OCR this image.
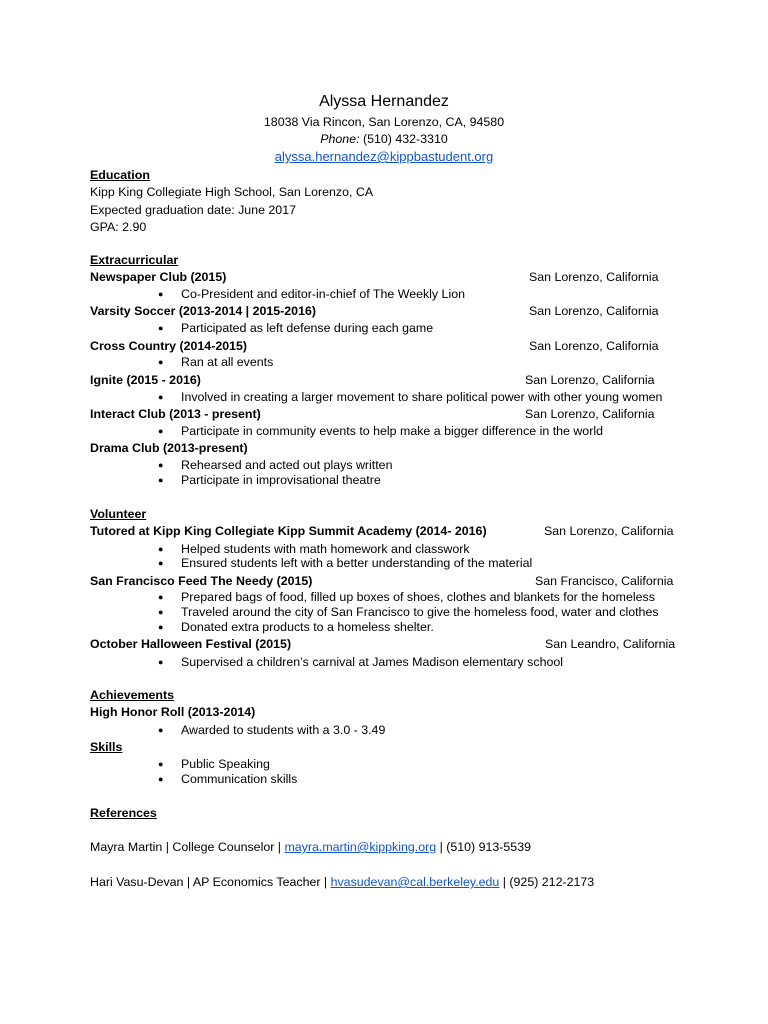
Alyssa Hernandez
18038 Via Rincon, San Lorenzo, CA, 94580
Phone: (510) 432-3310
alyssa.hernandez@kippbastudent.org
Education
Kipp King Collegiate High School, San Lorenzo, CA
Expected graduation date: June 2017
GPA: 2.90
Extracurricular
Newspaper Club (2015)	San Lorenzo, California
● Co-President and editor-in-chief of The Weekly Lion
Varsity Soccer (2013-2014 | 2015-2016)	San Lorenzo, California
● Participated as left defense during each game
Cross Country (2014-2015)	San Lorenzo, California
● Ran at all events
Ignite (2015 - 2016)	San Lorenzo, California
● Involved in creating a larger movement to share political power with other young women
Interact Club (2013 - present)	San Lorenzo, California
● Participate in community events to help make a bigger difference in the world
Drama Club (2013-present)
● Rehearsed and acted out plays written
● Participate in improvisational theatre
Volunteer
Tutored at Kipp King Collegiate Kipp Summit Academy (2014- 2016)	San Lorenzo, California
● Helped students with math homework and classwork
● Ensured students left with a better understanding of the material
San Francisco Feed The Needy (2015)	San Francisco, California
● Prepared bags of food, filled up boxes of shoes, clothes and blankets for the homeless
● Traveled around the city of San Francisco to give the homeless food, water and clothes
● Donated extra products to a homeless shelter.
October Halloween Festival (2015)	San Leandro, California
● Supervised a children’s carnival at James Madison elementary school
Achievements
High Honor Roll (2013-2014)
● Awarded to students with a 3.0 - 3.49
Skills
● Public Speaking
● Communication skills
References
Mayra Martin | College Counselor | mayra.martin@kippking.org | (510) 913-5539
Hari Vasu-Devan | AP Economics Teacher | hvasudevan@cal.berkeley.edu | (925) 212-2173
